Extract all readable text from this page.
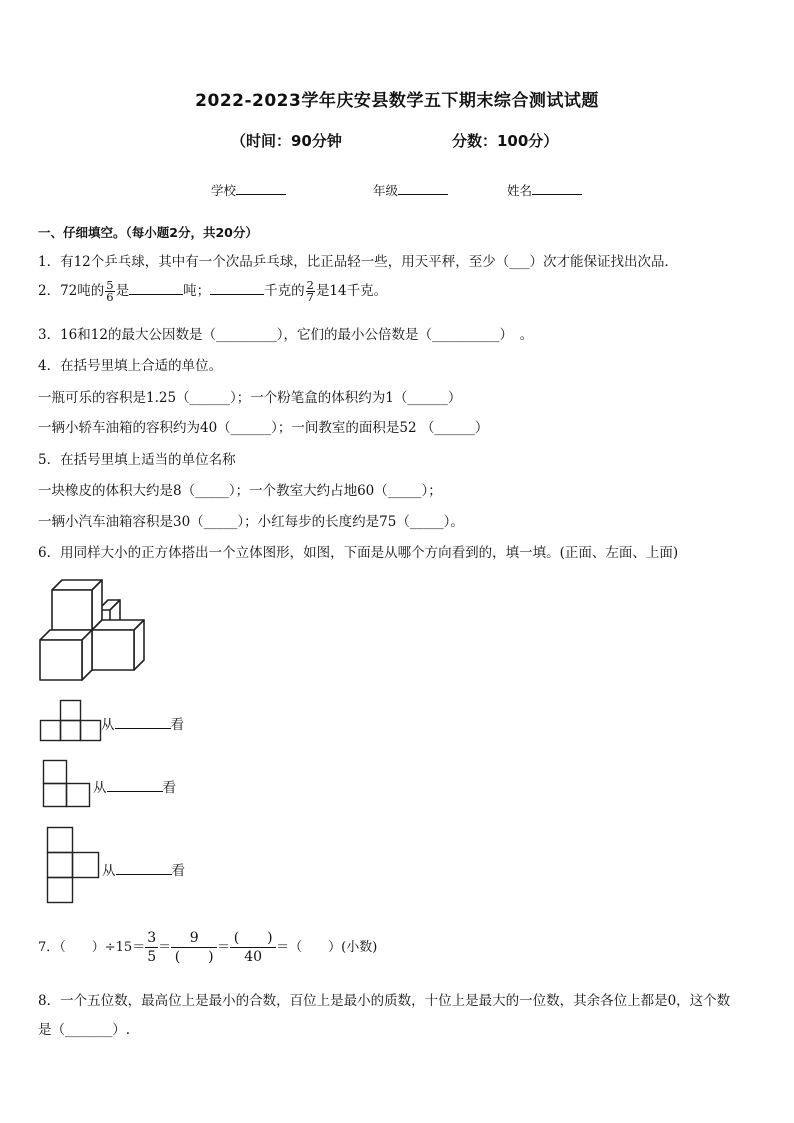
2022-2023学年庆安县数学五下期末综合测试试题
（时间：90分钟	分数：100分）
学校	年级	姓名
一、仔细填空。（每小题2分，共20分）
1．有12个乒乓球，其中有一个次品乒乓球，比正品轻一些，用天平秤，至少（___）次才能保证找出次品．
2．72吨的 $\frac{5}{6}$ 是	吨；	千克的 $\frac{2}{7}$ 是14千克。
3．16和12的最大公因数是（_________），它们的最小公倍数是（__________）　。
4．在括号里填上合适的单位。
一瓶可乐的容积是1.25（______）；一个粉笔盒的体积约为1（______）
一辆小轿车油箱的容积约为40（______）；一间教室的面积是52 （______）
5．在括号里填上适当的单位名称
一块橡皮的体积大约是8（_____）；一个教室大约占地60（_____）；
一辆小汽车油箱容积是30（_____）；小红每步的长度约是75（_____）。
6．用同样大小的正方体搭出一个立体图形，如图，下面是从哪个方向看到的，填一填。(正面、左面、上面)
从	看
从	看
从	看
7．（　　）$\div 15= \frac{3}{5}$ ＝
9
(　　)
＝
(　　)
40
＝（　　）(小数)
8．一个五位数，最高位上是最小的合数，百位上是最小的质数，十位上是最大的一位数，其余各位上都是0，这个数
是（_______）.
